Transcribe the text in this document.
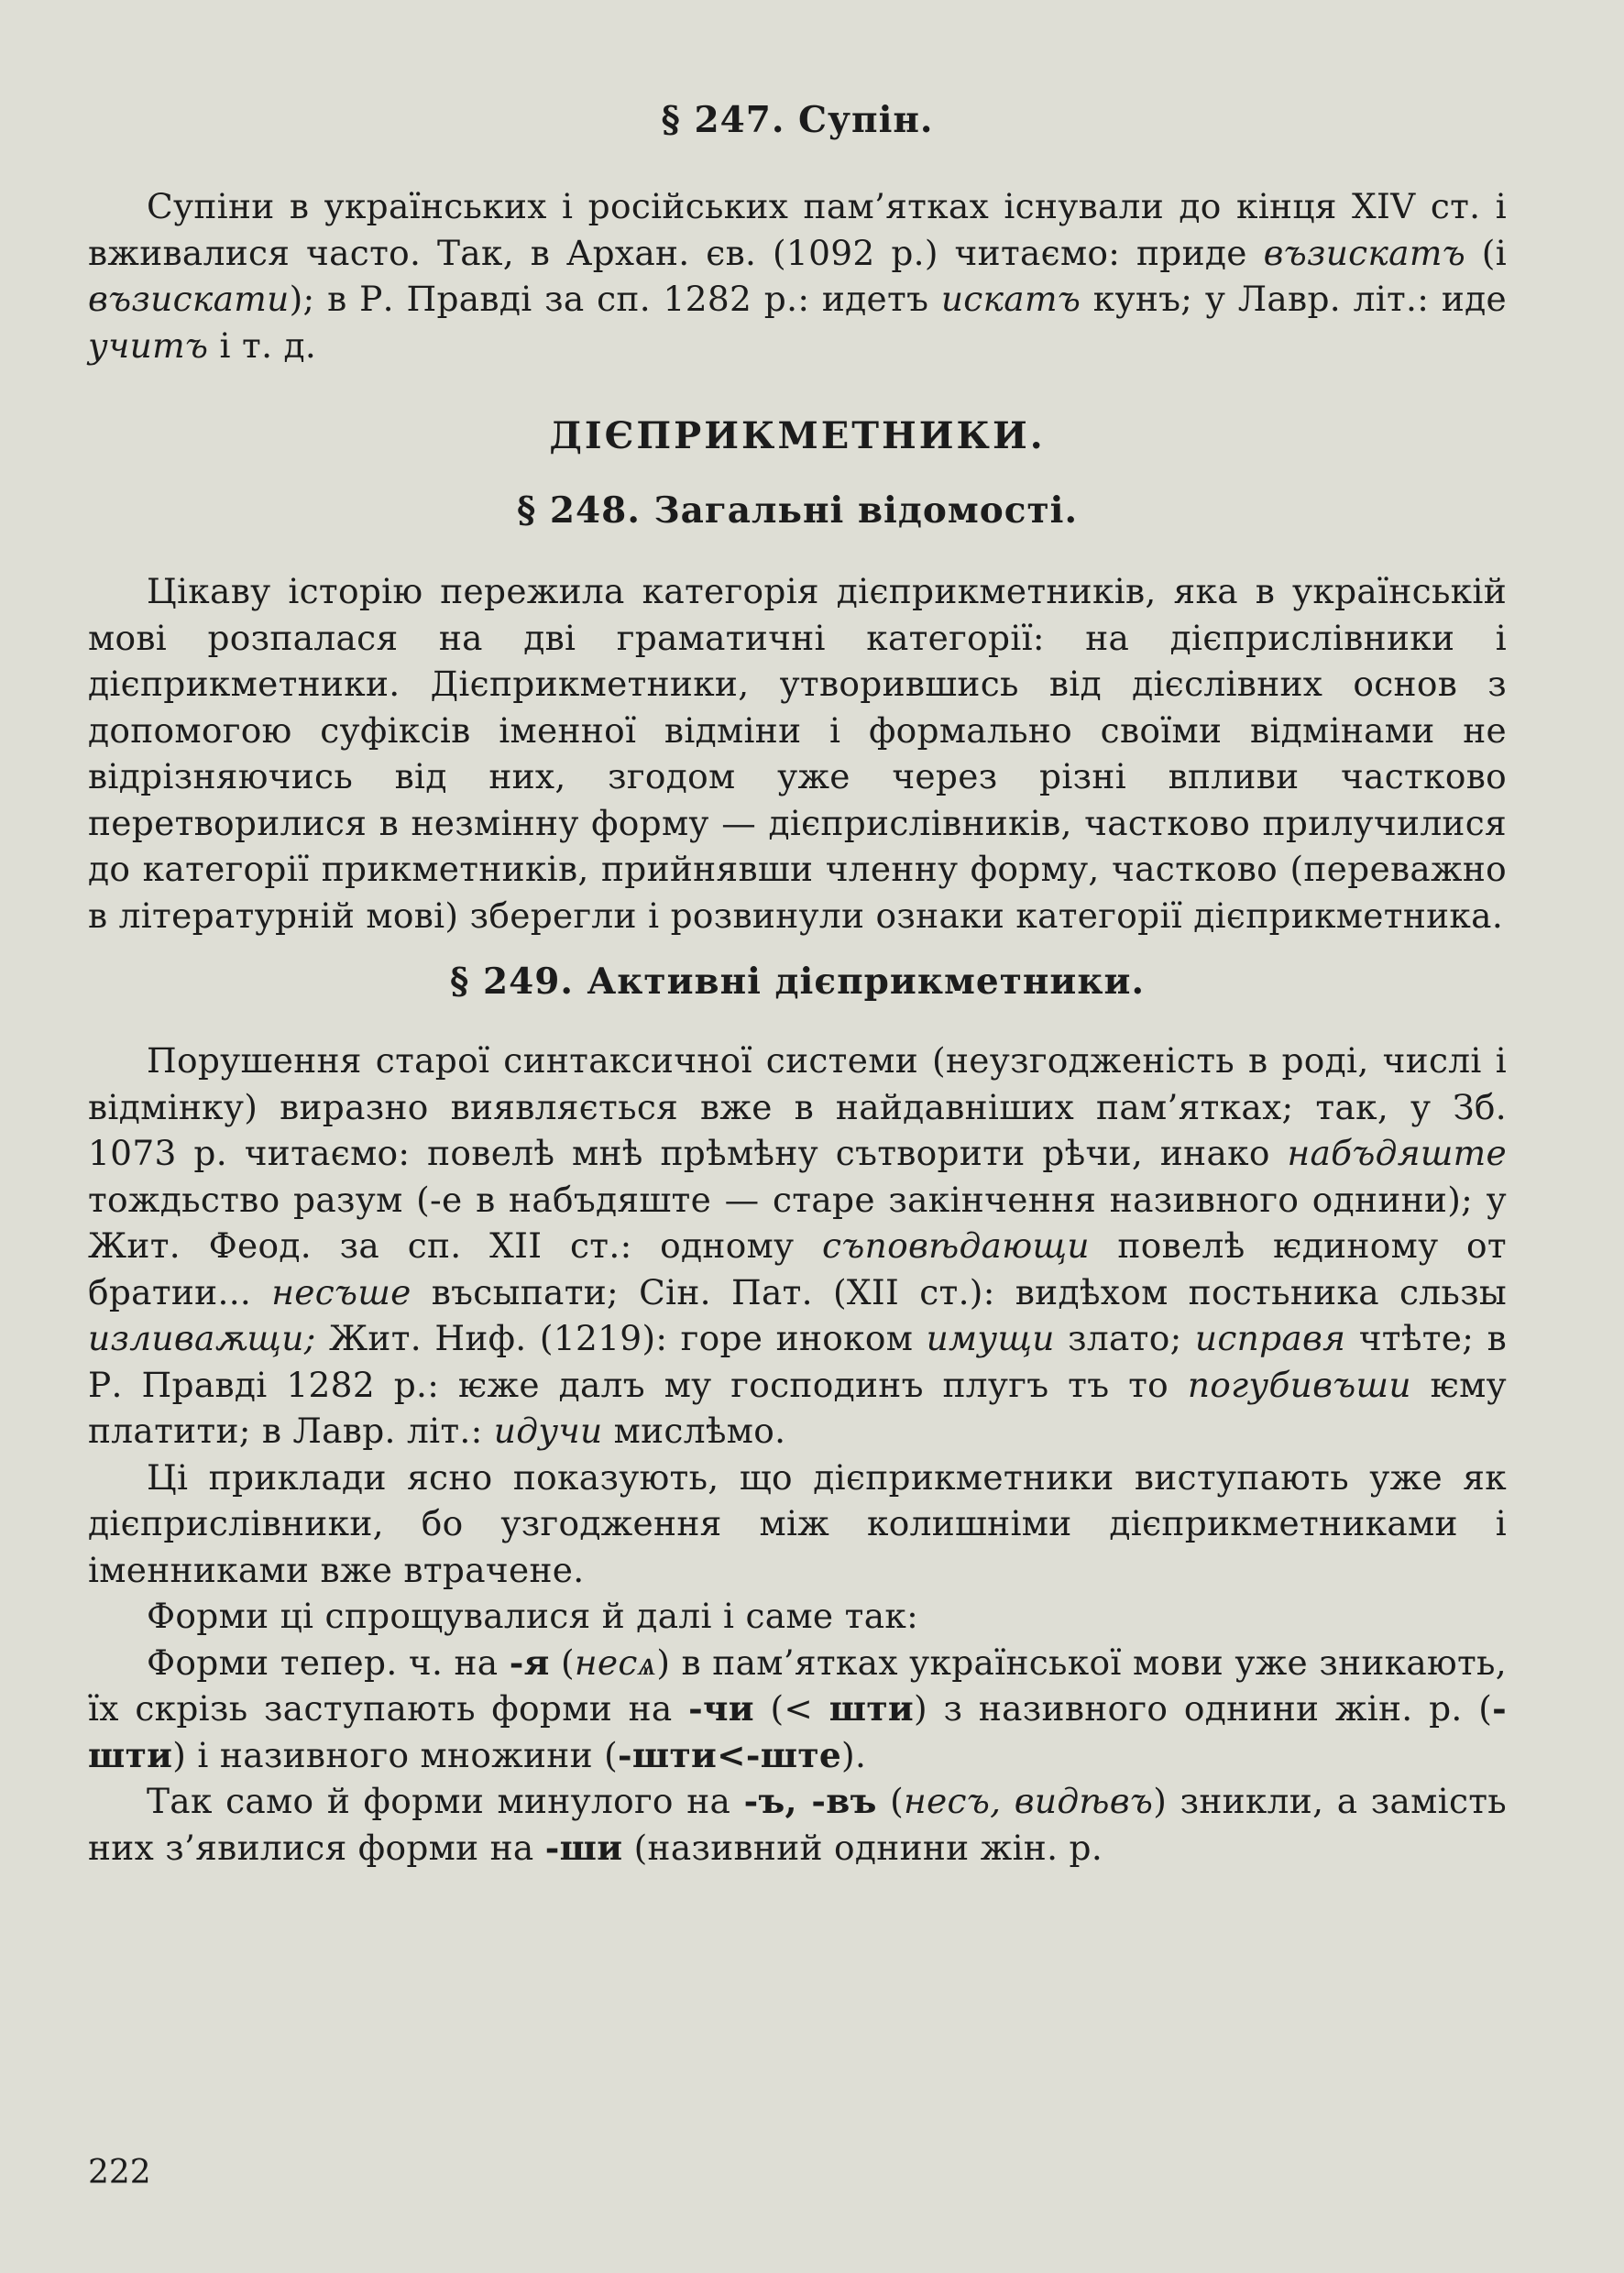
§ 247. Супін.

Супіни в українських і російських пам’ятках існували до кінця XIV ст. і вживалися часто. Так, в Архан. єв. (1092 р.) читаємо: приде възискатъ (і възискати); в Р. Правді за сп. 1282 р.: идетъ искатъ кунъ; у Лавр. літ.: иде учитъ і т. д.

ДІЄПРИКМЕТНИКИ.
§ 248. Загальні відомості.

Цікаву історію пережила категорія дієприкметників, яка в українській мові розпалася на дві граматичні категорії: на дієприслівники і дієприкметники. Дієприкметники, утворившись від дієслівних основ з допомогою суфіксів іменної відміни і формально своїми відмінами не відрізняючись від них, згодом уже через різні впливи частково перетворилися в незмінну форму — дієприслівників, частково прилучилися до категорії прикметників, прийнявши членну форму, частково (переважно в літературній мові) зберегли і розвинули ознаки категорії дієприкметника.

§ 249. Активні дієприкметники.

Порушення старої синтаксичної системи (неузгодженість в роді, числі і відмінку) виразно виявляється вже в найдавніших пам’ятках; так, у Зб. 1073 р. читаємо: повелѣ мнѣ прѣмѣну сътворити рѣчи, инако набъдяште тождьство разум (-е в набъдяште — старе закінчення називного однини); у Жит. Феод. за сп. XII ст.: одному съповѣдающи повелѣ ѥдиному от братии... несъше въсыпати; Сін. Пат. (XII ст.): видѣхом постьника сльзы изливаѫщи; Жит. Ниф. (1219): горе иноком имущи злато; исправя чтѣте; в Р. Правді 1282 р.: ѥже далъ му господинъ плугъ тъ то погубивъши ѥму платити; в Лавр. літ.: идучи мислѣмо.

Ці приклади ясно показують, що дієприкметники виступають уже як дієприслівники, бо узгодження між колишніми дієприкметниками і іменниками вже втрачене.

Форми ці спрощувалися й далі і саме так:

Форми тепер. ч. на -я (несѧ) в пам’ятках української мови уже зникають, їх скрізь заступають форми на -чи (< шти) з називного однини жін. р. (-шти) і називного множини (-шти<-ште).

Так само й форми минулого на -ъ, -въ (несъ, видѣвъ) зникли, а замість них з’явилися форми на -ши (називний однини жін. р.

222
